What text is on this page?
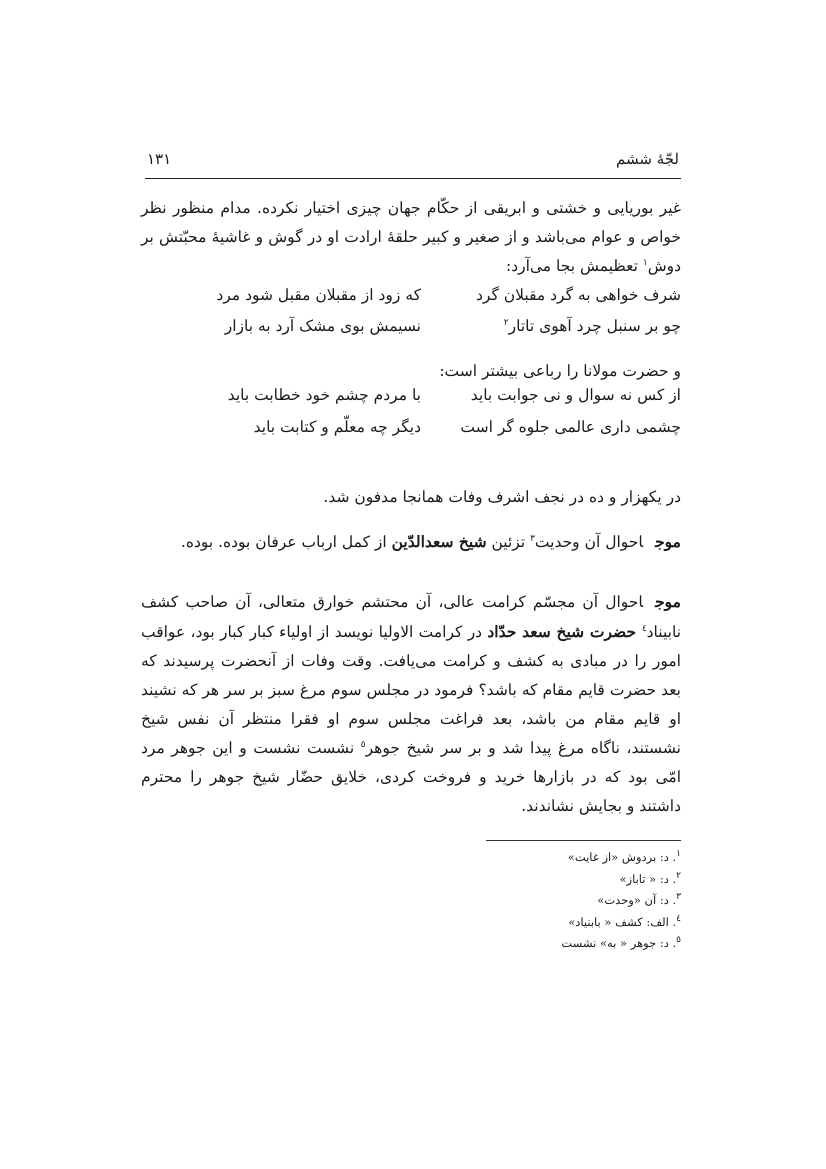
لجّهٔ ششم
١٣١
غیر بوریایی و خشتی و ابریقی از حکّام جهان چیزی اختیار نکرده. مدام منظور نظر خواص و عوام می‌باشد و از صغیر و کبیر حلقهٔ ارادت او در گوش و غاشیهٔ محبّتش بر دوش$^١$ تعظیمش بجا می‌آرد:
شرف خواهی به گرد مقبلان گرد
که زود از مقبلان مقبل شود مرد
چو بر سنبل چرد آهوی تاتار$^٢$
نسیمش بوی مشک آرد به بازار
و حضرت مولانا را رباعی بیشتر است:
از کس نه سوال و نی جوابت باید
با مردم چشم خود خطابت باید
چشمی داری عالمی جلوه گر است
دیگر چه معلّم و کتابت باید
در یکهزار و ده در نجف اشرف وفات همانجا مدفون شد.
موجاحوال آن وحدیت$^٣$ تزئین شیخ سعدالدّین از کمل ارباب عرفان بوده. بوده.
موجاحوال آن مجسّم کرامت عالی، آن محتشم خوارق متعالی، آن صاحب کشف نابیناد$^٤$ حضرت شیخ سعد حدّاد در کرامت الاولیا نویسد از اولیاء کبار کبار بود، عواقب امور را در مبادی به کشف و کرامت می‌یافت. وقت وفات از آنحضرت پرسیدند که بعد حضرت قایم مقام که باشد؟ فرمود در مجلس سوم مرغ سبز بر سر هر که نشیند او قایم مقام من باشد، بعد فراغت مجلس سوم او فقرا منتظر آن نفس شیخ نشستند، ناگاه مرغ پیدا شد و بر سر شیخ جوهر$^٥$ نشست نشست و این جوهر مرد امّی بود که در بازارها خرید و فروخت کردی، خلایق حضّار شیخ جوهر را محترم داشتند و بجایش نشاندند.
$^١$. د: بردوش «از غایت»
$^٢$. د: « تاباز»
$^٣$. د: آن «وحدت»
$^٤$. الف: کشف « بابنیاد»
$^٥$. د: جوهر « به» نشست
